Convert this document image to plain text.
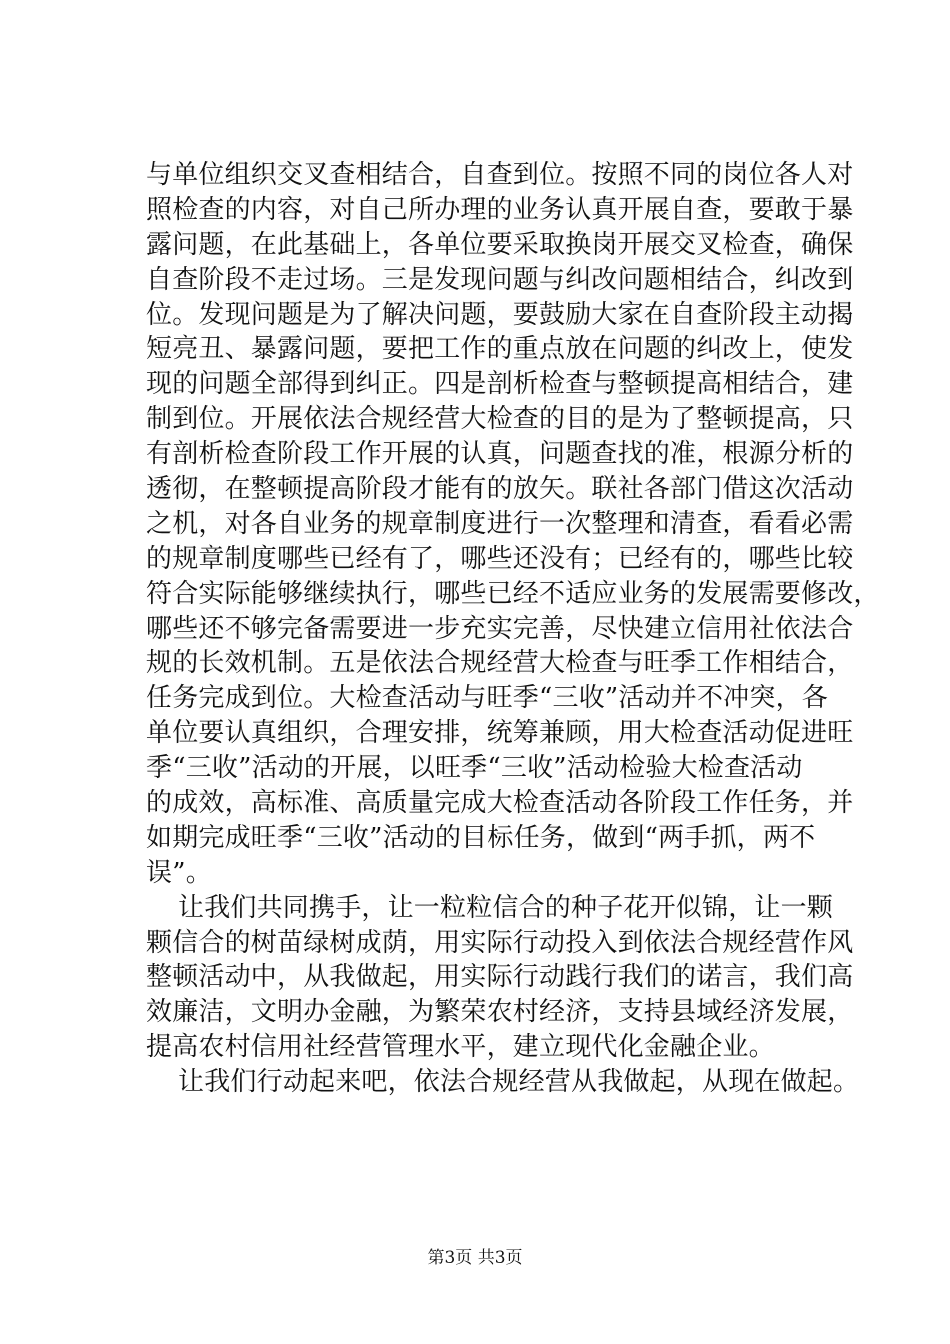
与单位组织交叉查相结合，自查到位。按照不同的岗位各人对
照检查的内容，对自己所办理的业务认真开展自查，要敢于暴
露问题，在此基础上，各单位要采取换岗开展交叉检查，确保
自查阶段不走过场。三是发现问题与纠改问题相结合，纠改到
位。发现问题是为了解决问题，要鼓励大家在自查阶段主动揭
短亮丑、暴露问题，要把工作的重点放在问题的纠改上，使发
现的问题全部得到纠正。四是剖析检查与整顿提高相结合，建
制到位。开展依法合规经营大检查的目的是为了整顿提高，只
有剖析检查阶段工作开展的认真，问题查找的准，根源分析的
透彻，在整顿提高阶段才能有的放矢。联社各部门借这次活动
之机，对各自业务的规章制度进行一次整理和清查，看看必需
的规章制度哪些已经有了，哪些还没有；已经有的，哪些比较
符合实际能够继续执行，哪些已经不适应业务的发展需要修改，
哪些还不够完备需要进一步充实完善，尽快建立信用社依法合
规的长效机制。五是依法合规经营大检查与旺季工作相结合，
任务完成到位。大检查活动与旺季“三收”活动并不冲突，各
单位要认真组织，合理安排，统筹兼顾，用大检查活动促进旺
季“三收”活动的开展，以旺季“三收”活动检验大检查活动
的成效，高标准、高质量完成大检查活动各阶段工作任务，并
如期完成旺季“三收”活动的目标任务，做到“两手抓，两不
误”。
让我们共同携手，让一粒粒信合的种子花开似锦，让一颗
颗信合的树苗绿树成荫，用实际行动投入到依法合规经营作风
整顿活动中，从我做起，用实际行动践行我们的诺言，我们高
效廉洁，文明办金融，为繁荣农村经济，支持县域经济发展，
提高农村信用社经营管理水平，建立现代化金融企业。
让我们行动起来吧，依法合规经营从我做起，从现在做起。
第3页 共3页
